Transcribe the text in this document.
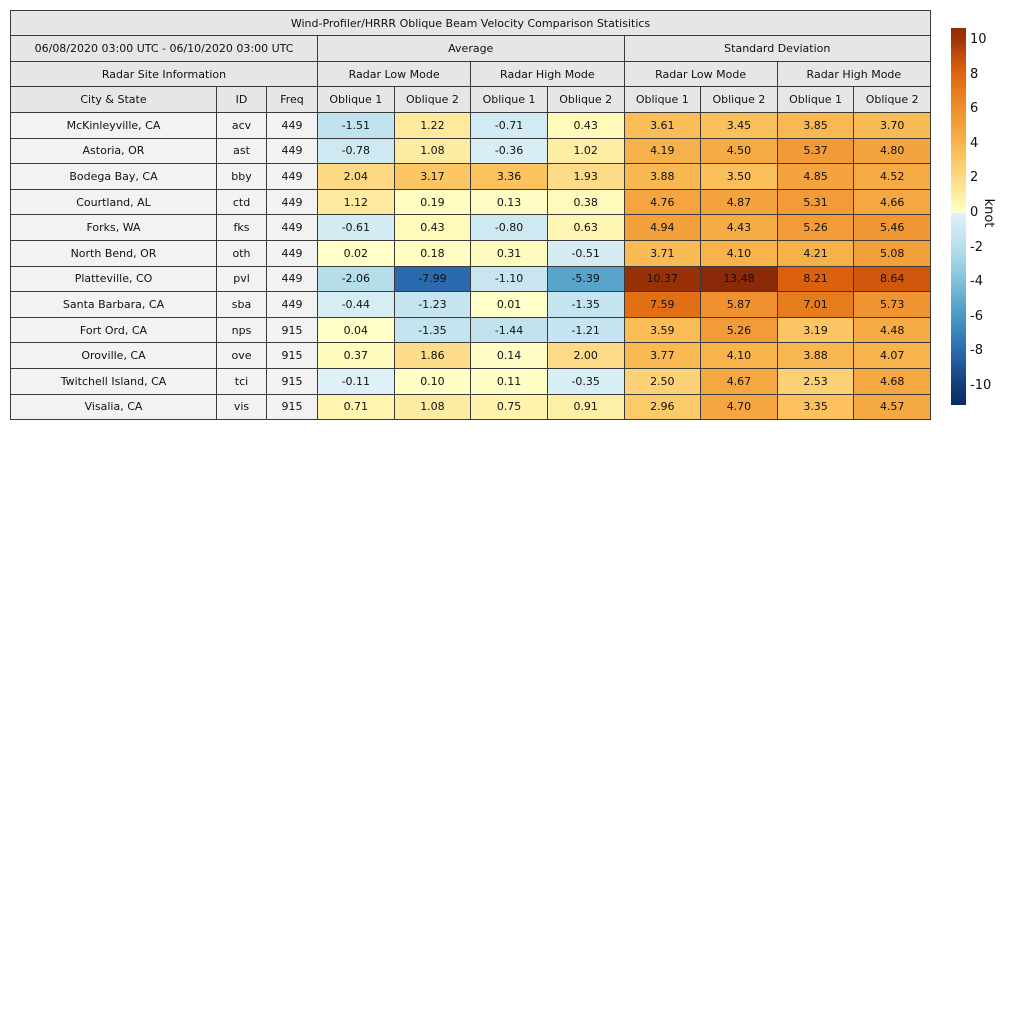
Wind-Profiler/HRRR Oblique Beam Velocity Comparison Statisitics										
06/08/2020 03:00 UTC - 06/10/2020 03:00 UTC			Average				Standard Deviation			
Radar Site Information			Radar Low Mode		Radar High Mode		Radar Low Mode		Radar High Mode	
City & State	ID	Freq	Oblique 1	Oblique 2	Oblique 1	Oblique 2	Oblique 1	Oblique 2	Oblique 1	Oblique 2
McKinleyville, CA	acv	449	-1.51	1.22	-0.71	0.43	3.61	3.45	3.85	3.70
Astoria, OR	ast	449	-0.78	1.08	-0.36	1.02	4.19	4.50	5.37	4.80
Bodega Bay, CA	bby	449	2.04	3.17	3.36	1.93	3.88	3.50	4.85	4.52
Courtland, AL	ctd	449	1.12	0.19	0.13	0.38	4.76	4.87	5.31	4.66
Forks, WA	fks	449	-0.61	0.43	-0.80	0.63	4.94	4.43	5.26	5.46
North Bend, OR	oth	449	0.02	0.18	0.31	-0.51	3.71	4.10	4.21	5.08
Platteville, CO	pvl	449	-2.06	-7.99	-1.10	-5.39	10.37	13.48	8.21	8.64
Santa Barbara, CA	sba	449	-0.44	-1.23	0.01	-1.35	7.59	5.87	7.01	5.73
Fort Ord, CA	nps	915	0.04	-1.35	-1.44	-1.21	3.59	5.26	3.19	4.48
Oroville, CA	ove	915	0.37	1.86	0.14	2.00	3.77	4.10	3.88	4.07
Twitchell Island, CA	tci	915	-0.11	0.10	0.11	-0.35	2.50	4.67	2.53	4.68
Visalia, CA	vis	915	0.71	1.08	0.75	0.91	2.96	4.70	3.35	4.57
10
8
6
4
2
0
-2
-4
-6
-8
-10
knot
